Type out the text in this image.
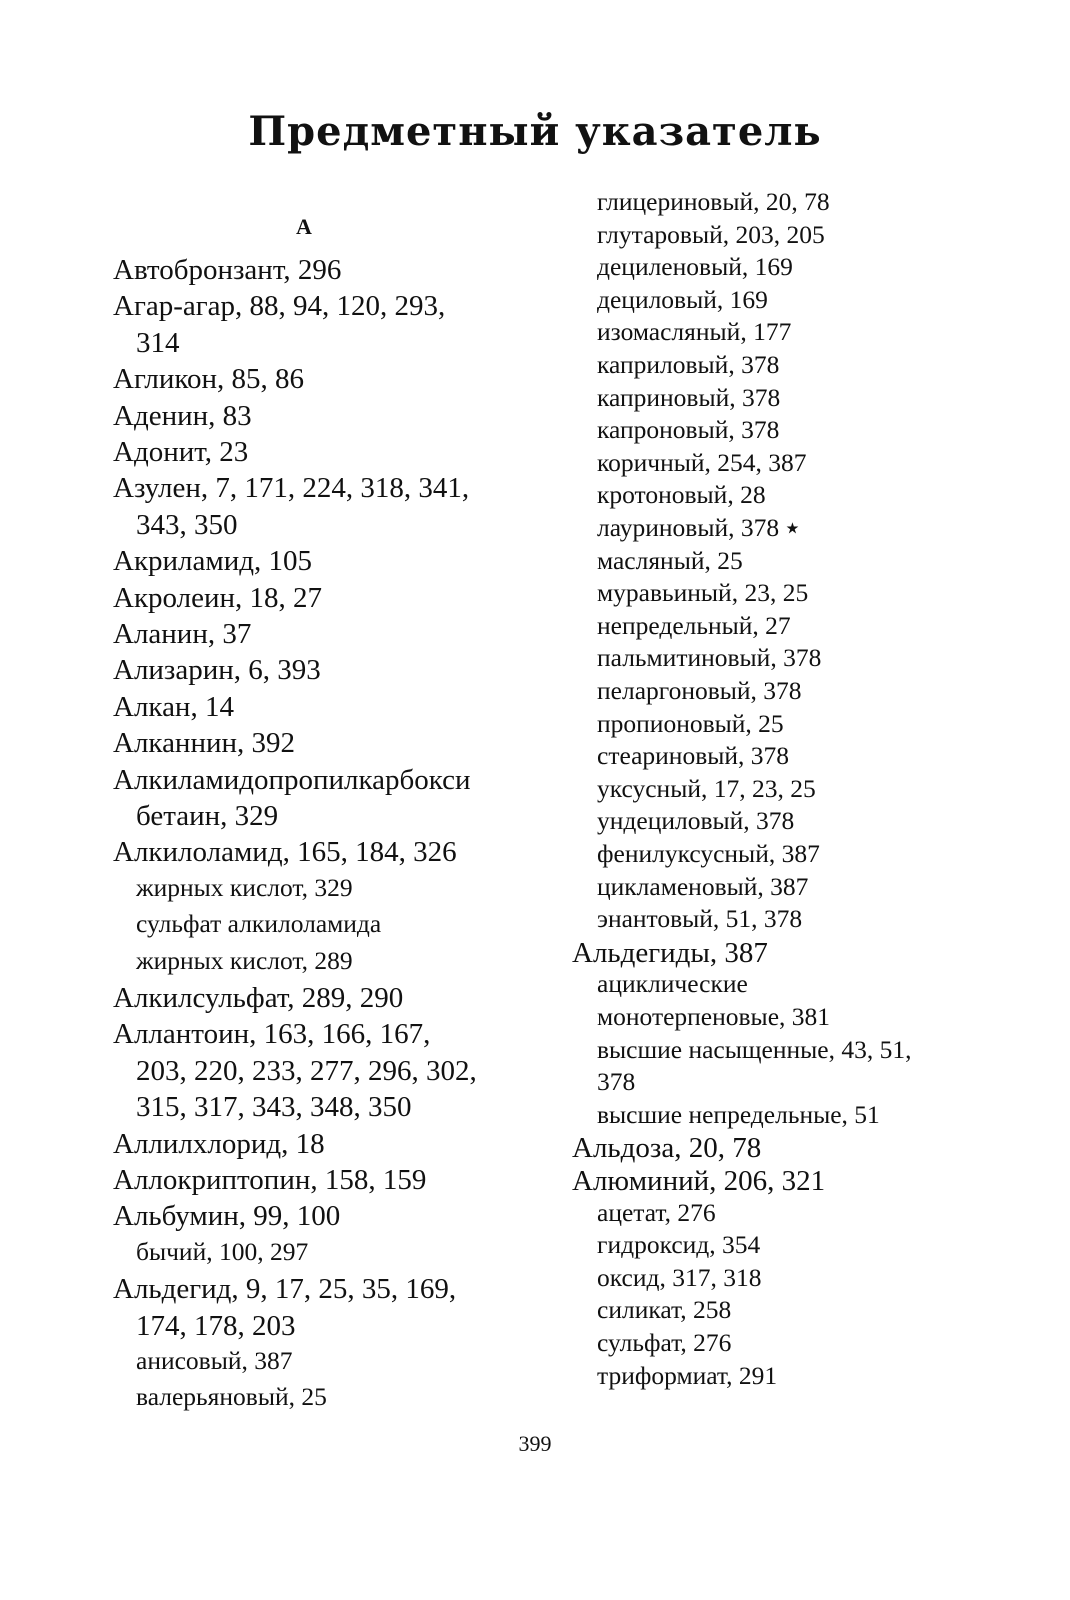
Предметный указатель
А
Автобронзант, 296
Агар-агар, 88, 94, 120, 293,
314
Агликон, 85, 86
Аденин, 83
Адонит, 23
Азулен, 7, 171, 224, 318, 341,
343, 350
Акриламид, 105
Акролеин, 18, 27
Аланин, 37
Ализарин, 6, 393
Алкан, 14
Алканнин, 392
Алкиламидопропилкарбокси
бетаин, 329
Алкилоламид, 165, 184, 326
жирных кислот, 329
сульфат алкилоламида
жирных кислот, 289
Алкилсульфат, 289, 290
Аллантоин, 163, 166, 167,
203, 220, 233, 277, 296, 302,
315, 317, 343, 348, 350
Аллилхлорид, 18
Аллокриптопин, 158, 159
Альбумин, 99, 100
бычий, 100, 297
Альдегид, 9, 17, 25, 35, 169,
174, 178, 203
анисовый, 387
валерьяновый, 25
глицериновый, 20, 78
глутаровый, 203, 205
дециленовый, 169
дециловый, 169
изомасляный, 177
каприловый, 378
каприновый, 378
капроновый, 378
коричный, 254, 387
кротоновый, 28
лауриновый, 378 ٭
масляный, 25
муравьиный, 23, 25
непредельный, 27
пальмитиновый, 378
пеларгоновый, 378
пропионовый, 25
стеариновый, 378
уксусный, 17, 23, 25
ундециловый, 378
фенилуксусный, 387
цикламеновый, 387
энантовый, 51, 378
Альдегиды, 387
ациклические
монотерпеновые, 381
высшие насыщенные, 43, 51,
378
высшие непредельные, 51
Альдоза, 20, 78
Алюминий, 206, 321
ацетат, 276
гидроксид, 354
оксид, 317, 318
силикат, 258
сульфат, 276
триформиат, 291
399
